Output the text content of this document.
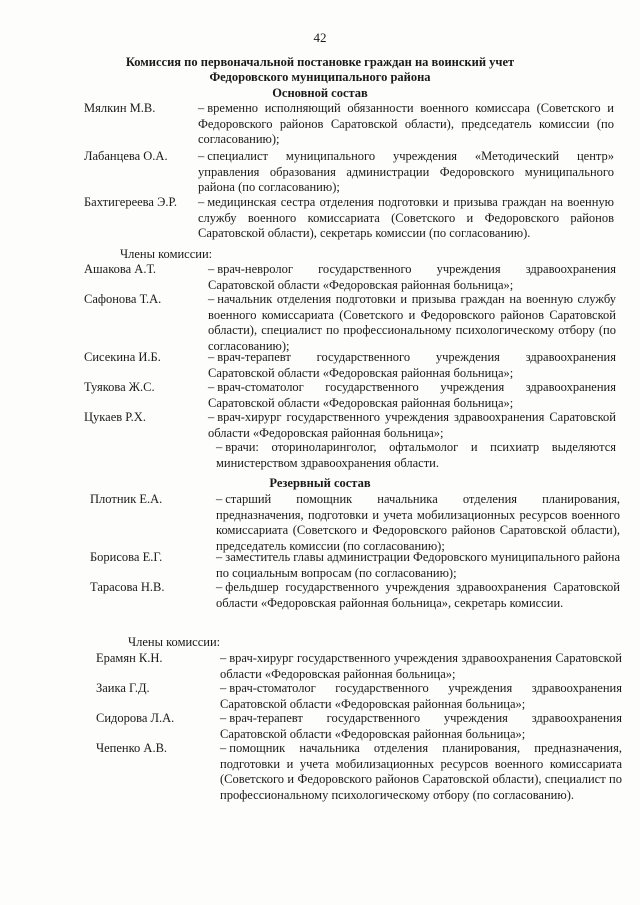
42
Комиссия по первоначальной постановке граждан на воинский учет
Федоровского муниципального района
Основной состав
Мялкин М.В.	– временно исполняющий обязанности военного комиссара (Советского и Федоровского районов Саратовской области), председатель комиссии (по согласованию);
Лабанцева О.А. – специалист муниципального учреждения «Методический центр» управления образования администрации Федоровского муниципального района (по согласованию);
Бахтигереева Э.Р. – медицинская сестра отделения подготовки и призыва граждан на военную службу военного комиссариата (Советского и Федоровского районов Саратовской области), секретарь комиссии (по согласованию).
Члены комиссии:
Ашакова А.Т.	– врач-невролог государственного учреждения здравоохранения Саратовской области «Федоровская районная больница»;
Сафонова Т.А.	– начальник отделения подготовки и призыва граждан на военную службу военного комиссариата (Советского и Федоровского районов Саратовской области), специалист по профессиональному психологическому отбору (по согласованию);
Сисекина И.Б.	– врач-терапевт государственного учреждения здравоохранения Саратовской области «Федоровская районная больница»;
Туякова Ж.С.	– врач-стоматолог государственного учреждения здравоохранения Саратовской области «Федоровская районная больница»;
Цукаев Р.Х.	– врач-хирург государственного учреждения здравоохранения Саратовской области «Федоровская районная больница»;
– врачи: оториноларинголог, офтальмолог и психиатр выделяются министерством здравоохранения области.
Резервный состав
Плотник Е.А.	– старший помощник начальника отделения планирования, предназначения, подготовки и учета мобилизационных ресурсов военного комиссариата (Советского и Федоровского районов Саратовской области), председатель комиссии (по согласованию);
Борисова Е.Г.	– заместитель главы администрации Федоровского муниципального района по социальным вопросам (по согласованию);
Тарасова Н.В.	– фельдшер государственного учреждения здравоохранения Саратовской области «Федоровская районная больница», секретарь комиссии.
Члены комиссии:
Ерамян К.Н.	– врач-хирург государственного учреждения здравоохранения Саратовской области «Федоровская районная больница»;
Заика Г.Д.	– врач-стоматолог государственного учреждения здравоохранения Саратовской области «Федоровская районная больница»;
Сидорова Л.А.	– врач-терапевт государственного учреждения здравоохранения Саратовской области «Федоровская районная больница»;
Чепенко А.В.	– помощник начальника отделения планирования, предназначения, подготовки и учета мобилизационных ресурсов военного комиссариата (Советского и Федоровского районов Саратовской области), специалист по профессиональному психологическому отбору (по согласованию).
